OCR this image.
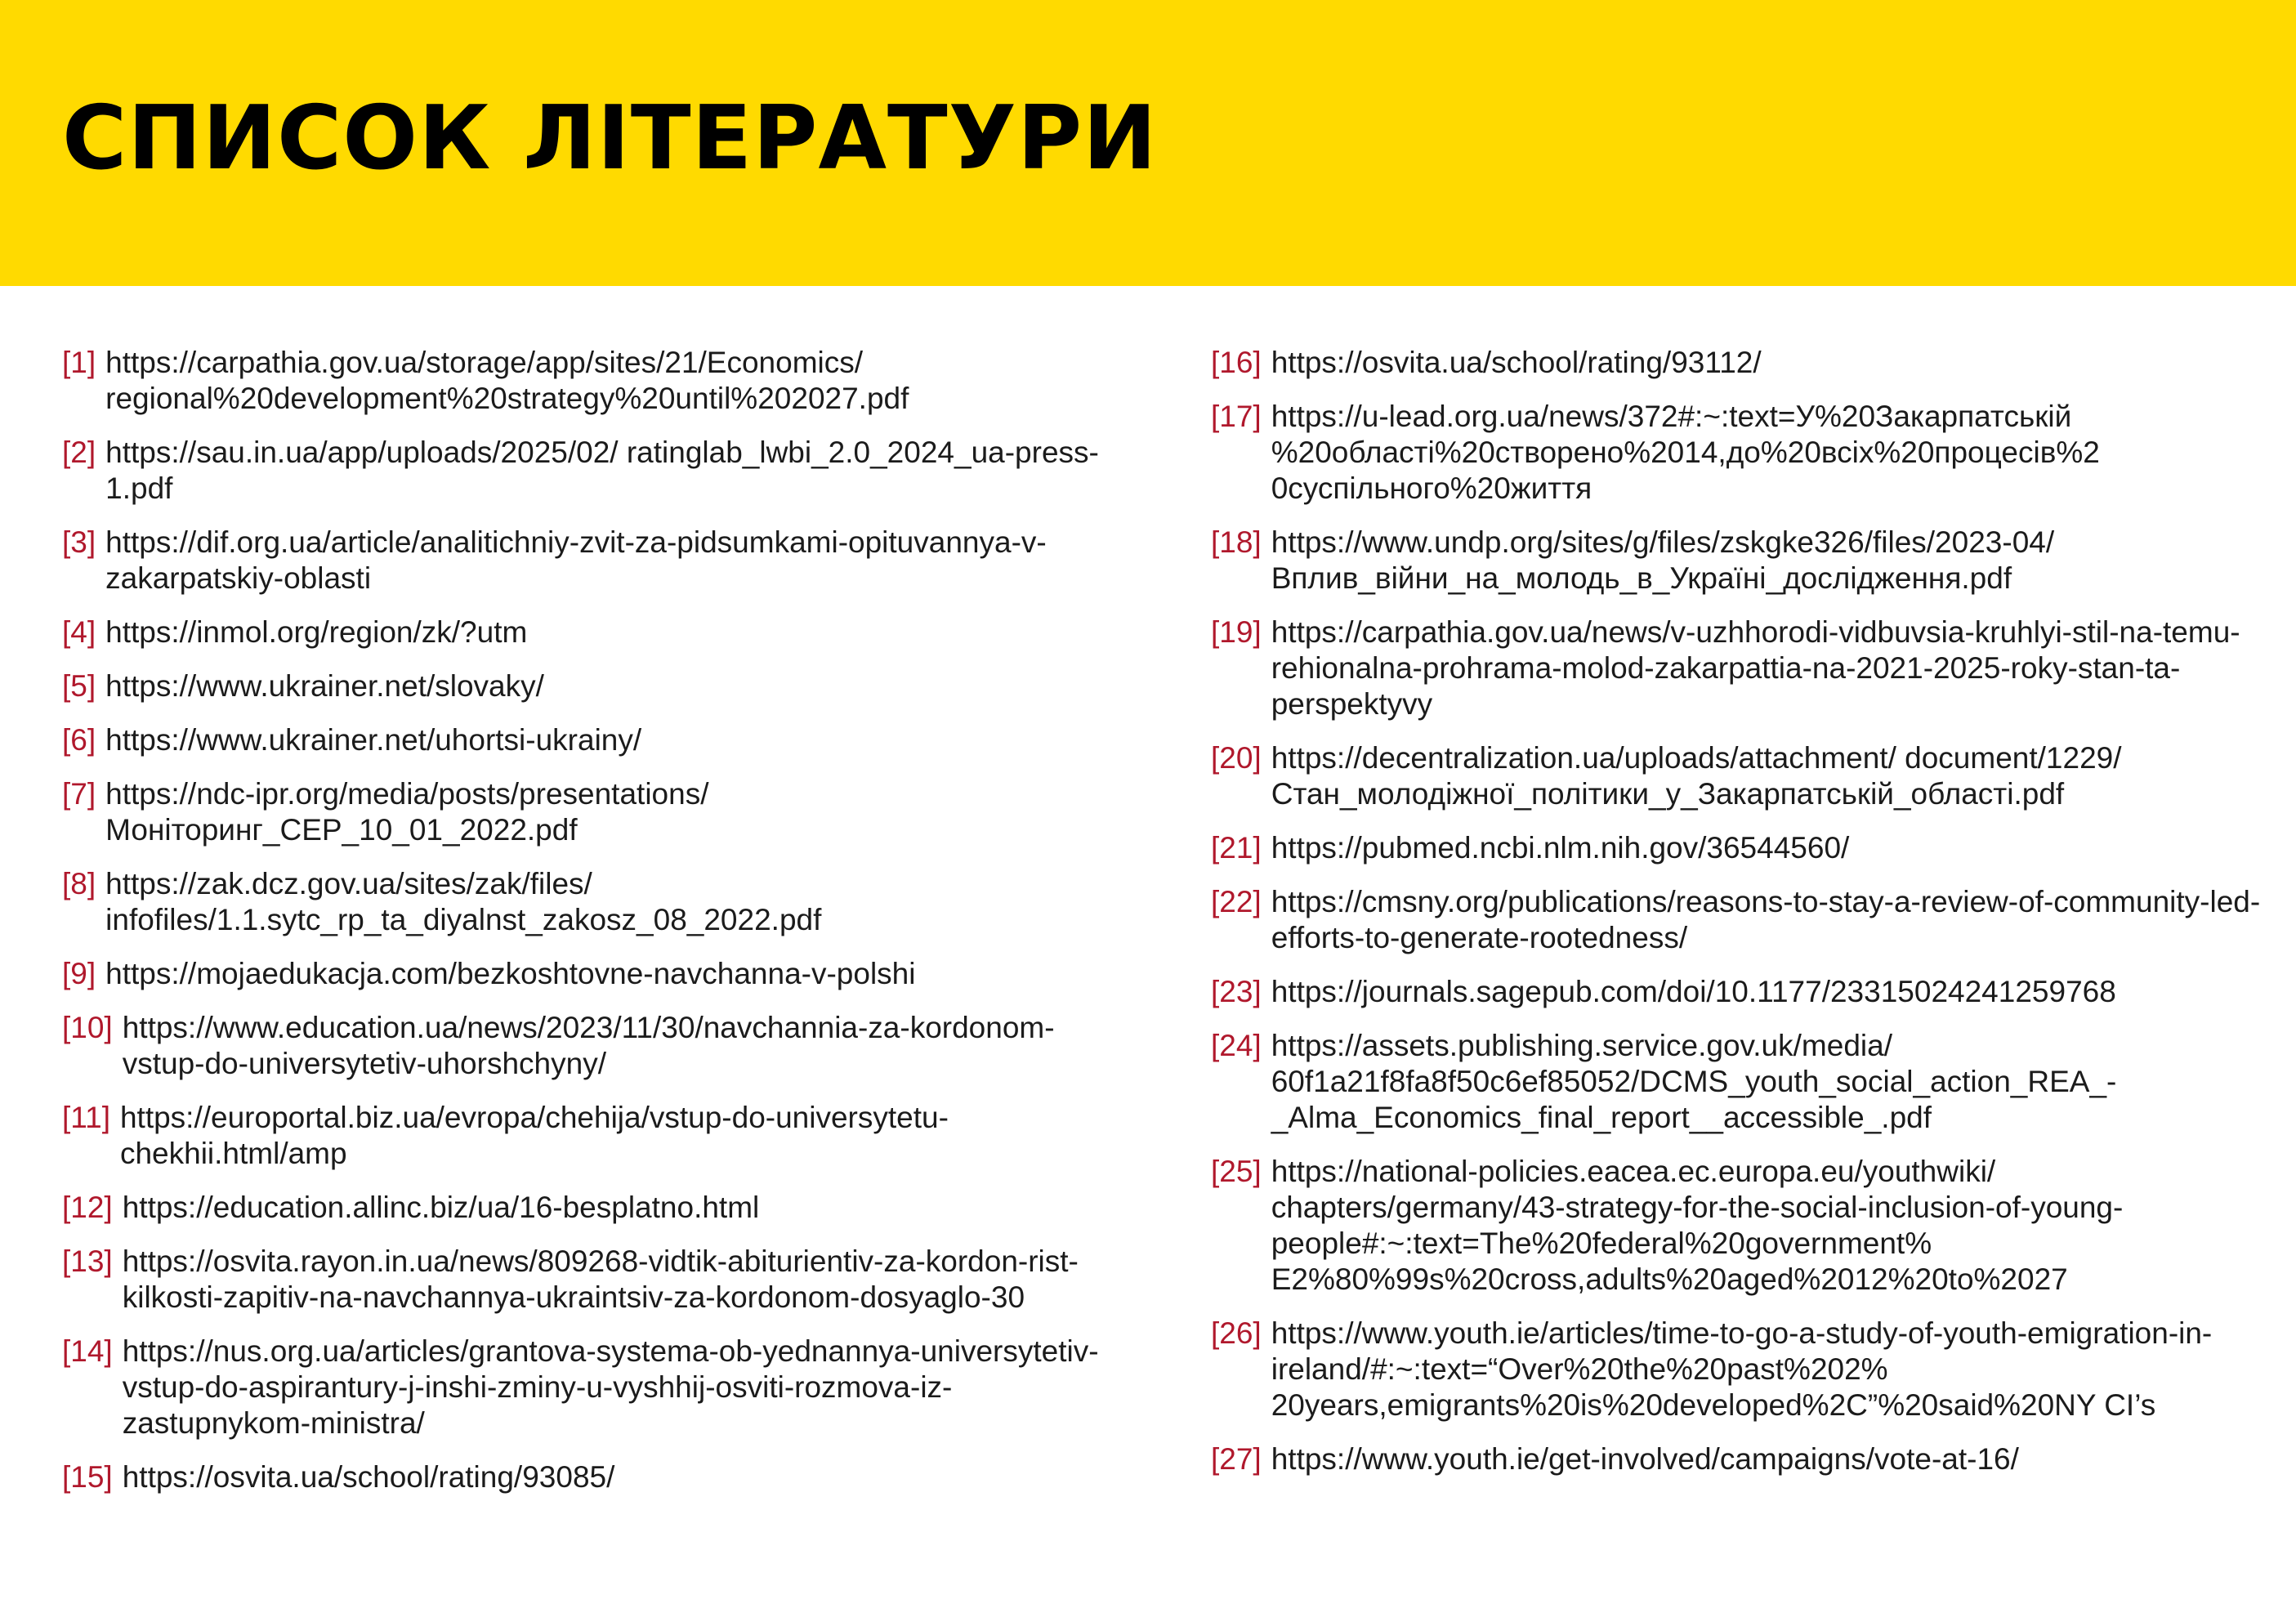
СПИСОК ЛІТЕРАТУРИ
[1] https://carpathia.gov.ua/storage/app/sites/21/Economics/ regional%20development%20strategy%20until%202027.pdf
[2] https://sau.in.ua/app/uploads/2025/02/ ratinglab_lwbi_2.0_2024_ua-press-1.pdf
[3] https://dif.org.ua/article/analitichniy-zvit-za-pidsumkami-opituvannya-v-zakarpatskiy-oblasti
[4] https://inmol.org/region/zk/?utm
[5] https://www.ukrainer.net/slovaky/
[6] https://www.ukrainer.net/uhortsi-ukrainy/
[7] https://ndc-ipr.org/media/posts/presentations/ Моніторинг_СЕР_10_01_2022.pdf
[8] https://zak.dcz.gov.ua/sites/zak/files/ infofiles/1.1.sytc_rp_ta_diyalnst_zakosz_08_2022.pdf
[9] https://mojaedukacja.com/bezkoshtovne-navchanna-v-polshi
[10] https://www.education.ua/news/2023/11/30/navchannia-za-kordonom-vstup-do-universytetiv-uhorshchyny/
[11] https://europortal.biz.ua/evropa/chehija/vstup-do-universytetu-chekhii.html/amp
[12] https://education.allinc.biz/ua/16-besplatno.html
[13] https://osvita.rayon.in.ua/news/809268-vidtik-abiturientiv-za-kordon-rist-kilkosti-zapitiv-na-navchannya-ukraintsiv-za-kordonom-dosyaglo-30
[14] https://nus.org.ua/articles/grantova-systema-ob-yednannya-universytetiv-vstup-do-aspirantury-j-inshi-zminy-u-vyshhij-osviti-rozmova-iz-zastupnykom-ministra/
[15] https://osvita.ua/school/rating/93085/
[16] https://osvita.ua/school/rating/93112/
[17] https://u-lead.org.ua/news/372#:~:text=У%20Закарпатській %20області%20створено%2014,до%20всіх%20процесів%2 0суспільного%20життя
[18] https://www.undp.org/sites/g/files/zskgke326/files/2023-04/ Вплив_війни_на_молодь_в_Україні_дослідження.pdf
[19] https://carpathia.gov.ua/news/v-uzhhorodi-vidbuvsia-kruhlyi-stil-na-temu-rehionalna-prohrama-molod-zakarpattia-na-2021-2025-roky-stan-ta-perspektyvy
[20] https://decentralization.ua/uploads/attachment/ document/1229/ Стан_молодіжної_політики_у_Закарпатській_області.pdf
[21] https://pubmed.ncbi.nlm.nih.gov/36544560/
[22] https://cmsny.org/publications/reasons-to-stay-a-review-of-community-led-efforts-to-generate-rootedness/
[23] https://journals.sagepub.com/doi/10.1177/23315024241259768
[24] https://assets.publishing.service.gov.uk/media/ 60f1a21f8fa8f50c6ef85052/DCMS_youth_social_action_REA_-_Alma_Economics_final_report__accessible_.pdf
[25] https://national-policies.eacea.ec.europa.eu/youthwiki/ chapters/germany/43-strategy-for-the-social-inclusion-of-young-people#:~:text=The%20federal%20government% E2%80%99s%20cross,adults%20aged%2012%20to%2027
[26] https://www.youth.ie/articles/time-to-go-a-study-of-youth-emigration-in-ireland/#:~:text=“Over%20the%20past%202% 20years,emigrants%20is%20developed%2C”%20said%20NY CI’s
[27] https://www.youth.ie/get-involved/campaigns/vote-at-16/
